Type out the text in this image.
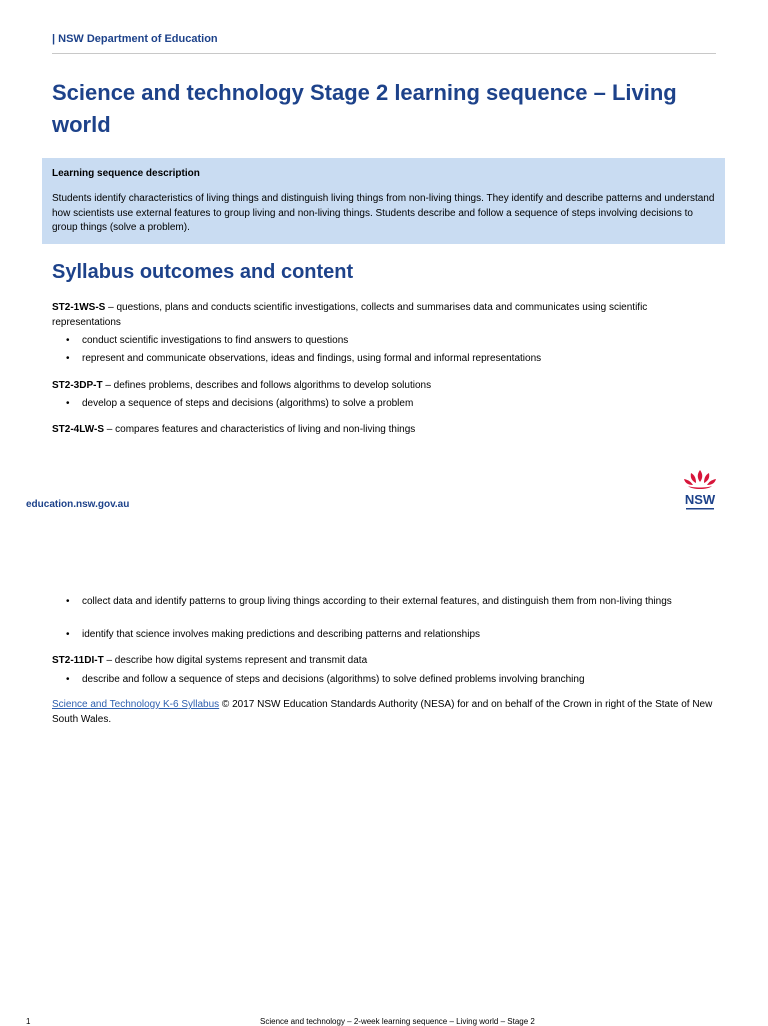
| NSW Department of Education
Science and technology Stage 2 learning sequence – Living world

Learning sequence description

Students identify characteristics of living things and distinguish living things from non-living things. They identify and describe patterns and understand how scientists use external features to group living and non-living things. Students describe and follow a sequence of steps involving decisions to group things (solve a problem).

Syllabus outcomes and content

ST2-1WS-S – questions, plans and conducts scientific investigations, collects and summarises data and communicates using scientific representations

• conduct scientific investigations to find answers to questions

• represent and communicate observations, ideas and findings, using formal and informal representations

ST2-3DP-T – defines problems, describes and follows algorithms to develop solutions

• develop a sequence of steps and decisions (algorithms) to solve a problem

ST2-4LW-S – compares features and characteristics of living and non-living things

education.nsw.gov.au	NSW

• collect data and identify patterns to group living things according to their external features, and distinguish them from non-living things

• identify that science involves making predictions and describing patterns and relationships

ST2-11DI-T – describe how digital systems represent and transmit data

• describe and follow a sequence of steps and decisions (algorithms) to solve defined problems involving branching

Science and Technology K-6 Syllabus © 2017 NSW Education Standards Authority (NESA) for and on behalf of the Crown in right of the State of New South Wales.

1	Science and technology – 2-week learning sequence – Living world – Stage 2
